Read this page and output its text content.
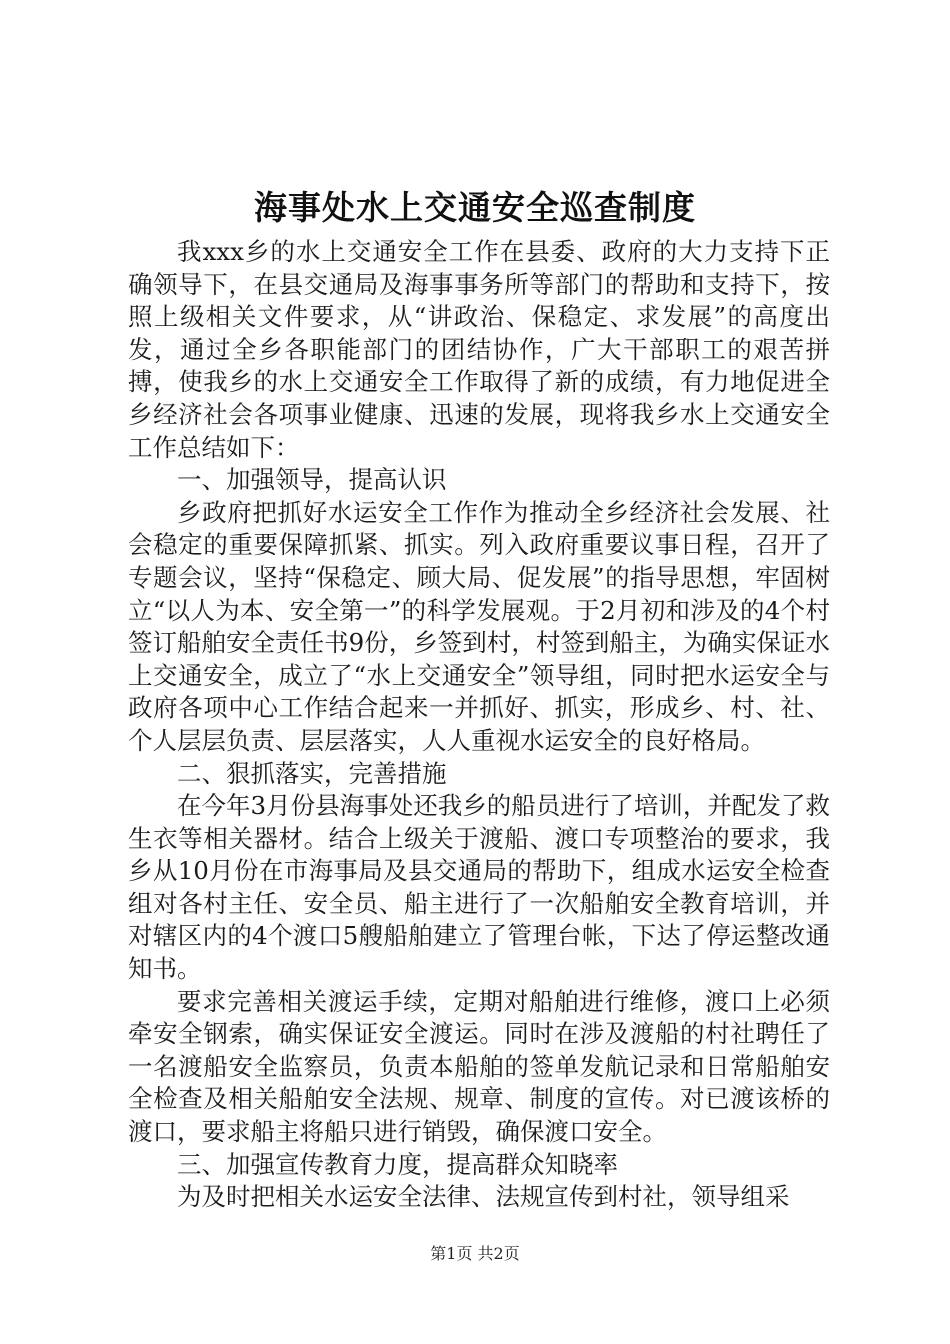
海事处水上交通安全巡查制度

我xxx乡的水上交通安全工作在县委、政府的大力支持下正确领导下，在县交通局及海事事务所等部门的帮助和支持下，按照上级相关文件要求，从“讲政治、保稳定、求发展”的高度出发，通过全乡各职能部门的团结协作，广大干部职工的艰苦拼搏，使我乡的水上交通安全工作取得了新的成绩，有力地促进全乡经济社会各项事业健康、迅速的发展，现将我乡水上交通安全工作总结如下：

一、加强领导，提高认识

乡政府把抓好水运安全工作作为推动全乡经济社会发展、社会稳定的重要保障抓紧、抓实。列入政府重要议事日程，召开了专题会议，坚持“保稳定、顾大局、促发展”的指导思想，牢固树立“以人为本、安全第一”的科学发展观。于2月初和涉及的4个村签订船舶安全责任书9份，乡签到村，村签到船主，为确实保证水上交通安全，成立了“水上交通安全”领导组，同时把水运安全与政府各项中心工作结合起来一并抓好、抓实，形成乡、村、社、个人层层负责、层层落实，人人重视水运安全的良好格局。

二、狠抓落实，完善措施

在今年3月份县海事处还我乡的船员进行了培训，并配发了救生衣等相关器材。结合上级关于渡船、渡口专项整治的要求，我乡从10月份在市海事局及县交通局的帮助下，组成水运安全检查组对各村主任、安全员、船主进行了一次船舶安全教育培训，并对辖区内的4个渡口5艘船舶建立了管理台帐，下达了停运整改通知书。

要求完善相关渡运手续，定期对船舶进行维修，渡口上必须牵安全钢索，确实保证安全渡运。同时在涉及渡船的村社聘任了一名渡船安全监察员，负责本船舶的签单发航记录和日常船舶安全检查及相关船舶安全法规、规章、制度的宣传。对已渡该桥的渡口，要求船主将船只进行销毁，确保渡口安全。

三、加强宣传教育力度，提高群众知晓率

为及时把相关水运安全法律、法规宣传到村社，领导组采

第1页 共2页
